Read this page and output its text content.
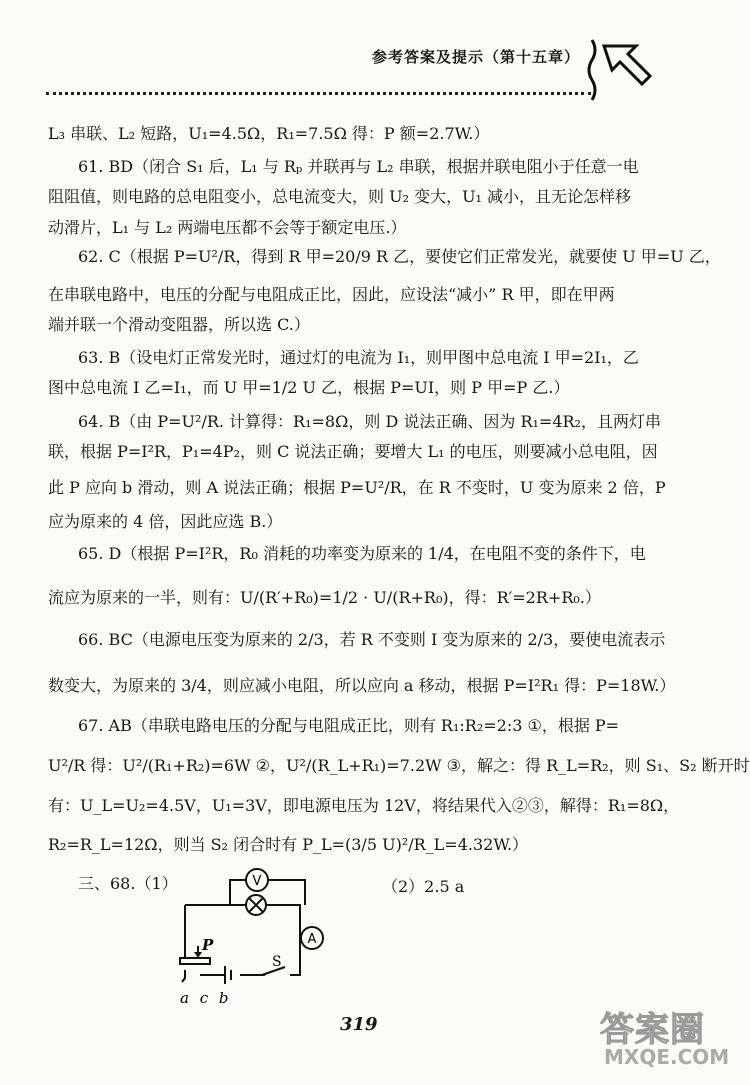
参考答案及提示（第十五章）
L₃ 串联、L₂ 短路，U₁=4.5Ω，R₁=7.5Ω 得：P 额=2.7W.）
61. BD（闭合 S₁ 后，L₁ 与 Rₚ 并联再与 L₂ 串联，根据并联电阻小于任意一电
阻阻值，则电路的总电阻变小，总电流变大，则 U₂ 变大，U₁ 减小，且无论怎样移
动滑片，L₁ 与 L₂ 两端电压都不会等于额定电压.）
62. C（根据 P=U²/R，得到 R 甲=20/9 R 乙，要使它们正常发光，就要使 U 甲=U 乙，
在串联电路中，电压的分配与电阻成正比，因此，应设法“减小” R 甲，即在甲两
端并联一个滑动变阻器，所以选 C.）
63. B（设电灯正常发光时，通过灯的电流为 I₁，则甲图中总电流 I 甲=2I₁，乙
图中总电流 I 乙=I₁，而 U 甲=1/2 U 乙，根据 P=UI，则 P 甲=P 乙.）
64. B（由 P=U²/R. 计算得：R₁=8Ω，则 D 说法正确、因为 R₁=4R₂，且两灯串
联，根据 P=I²R，P₁=4P₂，则 C 说法正确；要增大 L₁ 的电压，则要减小总电阻，因
此 P 应向 b 滑动，则 A 说法正确；根据 P=U²/R，在 R 不变时，U 变为原来 2 倍，P
应为原来的 4 倍，因此应选 B.）
65. D（根据 P=I²R，R₀ 消耗的功率变为原来的 1/4，在电阻不变的条件下，电
流应为原来的一半，则有：U/(R′+R₀)=1/2 · U/(R+R₀)，得：R′=2R+R₀.）
66. BC（电源电压变为原来的 2/3，若 R 不变则 I 变为原来的 2/3，要使电流表示
数变大，为原来的 3/4，则应减小电阻，所以应向 a 移动，根据 P=I²R₁ 得：P=18W.）
67. AB（串联电路电压的分配与电阻成正比，则有 R₁:R₂=2:3 ①，根据 P=
U²/R 得：U²/(R₁+R₂)=6W ②，U²/(R_L+R₁)=7.2W ③，解之：得 R_L=R₂，则 S₁、S₂ 断开时
有：U_L=U₂=4.5V，U₁=3V，即电源电压为 12V，将结果代入②③，解得：R₁=8Ω，
R₂=R_L=12Ω，则当 S₂ 闭合时有 P_L=(3/5 U)²/R_L=4.32W.）
三、68.（1）	V
A
P
S
a c b
（2）2.5 a
319	答案圈
MXQE.COM
